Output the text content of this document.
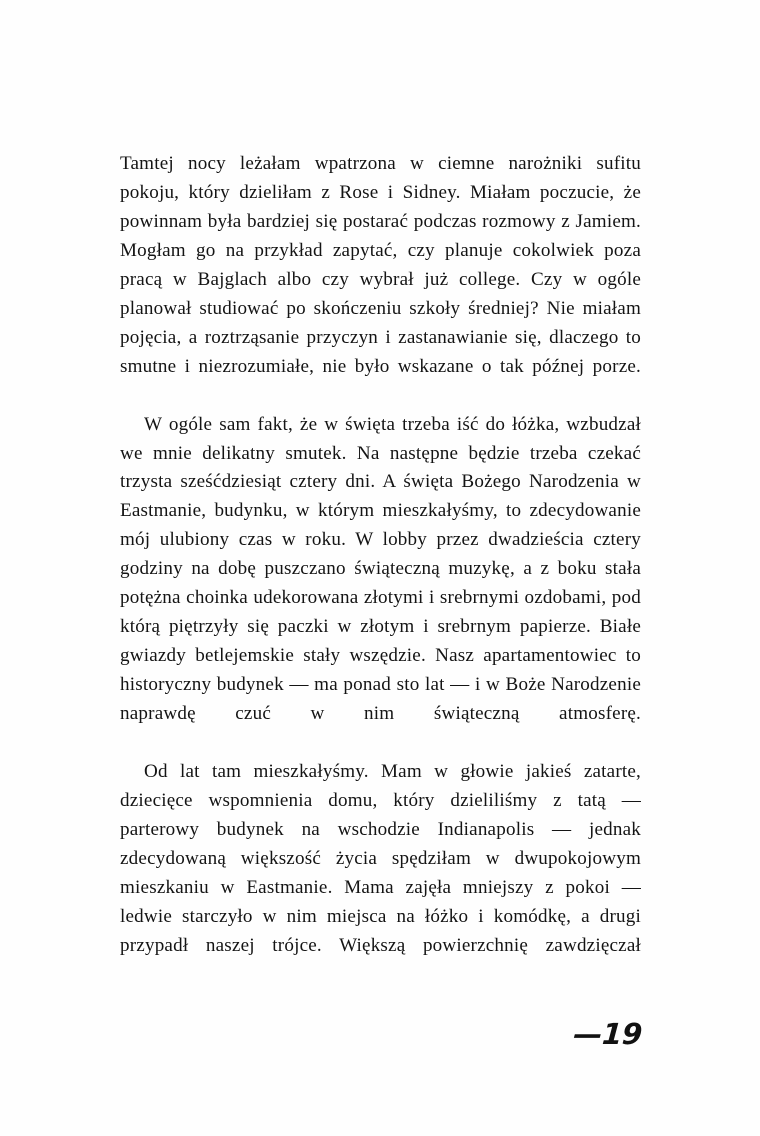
Tamtej nocy leżałam wpatrzona w ciemne narożniki sufitu pokoju, który dzieliłam z Rose i Sidney. Miałam poczucie, że powinnam była bardziej się postarać podczas rozmowy z Jamiem. Mogłam go na przykład zapytać, czy planuje cokolwiek poza pracą w Bajglach albo czy wybrał już college. Czy w ogóle planował studiować po skończeniu szkoły średniej? Nie miałam pojęcia, a roztrząsanie przyczyn i zastanawianie się, dlaczego to smutne i niezrozumiałe, nie było wskazane o tak późnej porze.

W ogóle sam fakt, że w święta trzeba iść do łóżka, wzbudzał we mnie delikatny smutek. Na następne będzie trzeba czekać trzysta sześćdziesiąt cztery dni. A święta Bożego Narodzenia w Eastmanie, budynku, w którym mieszkałyśmy, to zdecydowanie mój ulubiony czas w roku. W lobby przez dwadzieścia cztery godziny na dobę puszczano świąteczną muzykę, a z boku stała potężna choinka udekorowana złotymi i srebrnymi ozdobami, pod którą piętrzyły się paczki w złotym i srebrnym papierze. Białe gwiazdy betlejemskie stały wszędzie. Nasz apartamentowiec to historyczny budynek — ma ponad sto lat — i w Boże Narodzenie naprawdę czuć w nim świąteczną atmosferę.

Od lat tam mieszkałyśmy. Mam w głowie jakieś zatarte, dziecięce wspomnienia domu, który dzieliliśmy z tatą — parterowy budynek na wschodzie Indianapolis — jednak zdecydowaną większość życia spędziłam w dwupokojowym mieszkaniu w Eastmanie. Mama zajęła mniejszy z pokoi — ledwie starczyło w nim miejsca na łóżko i komódkę, a drugi przypadł naszej trójce. Większą powierzchnię zawdzięczał

—19
